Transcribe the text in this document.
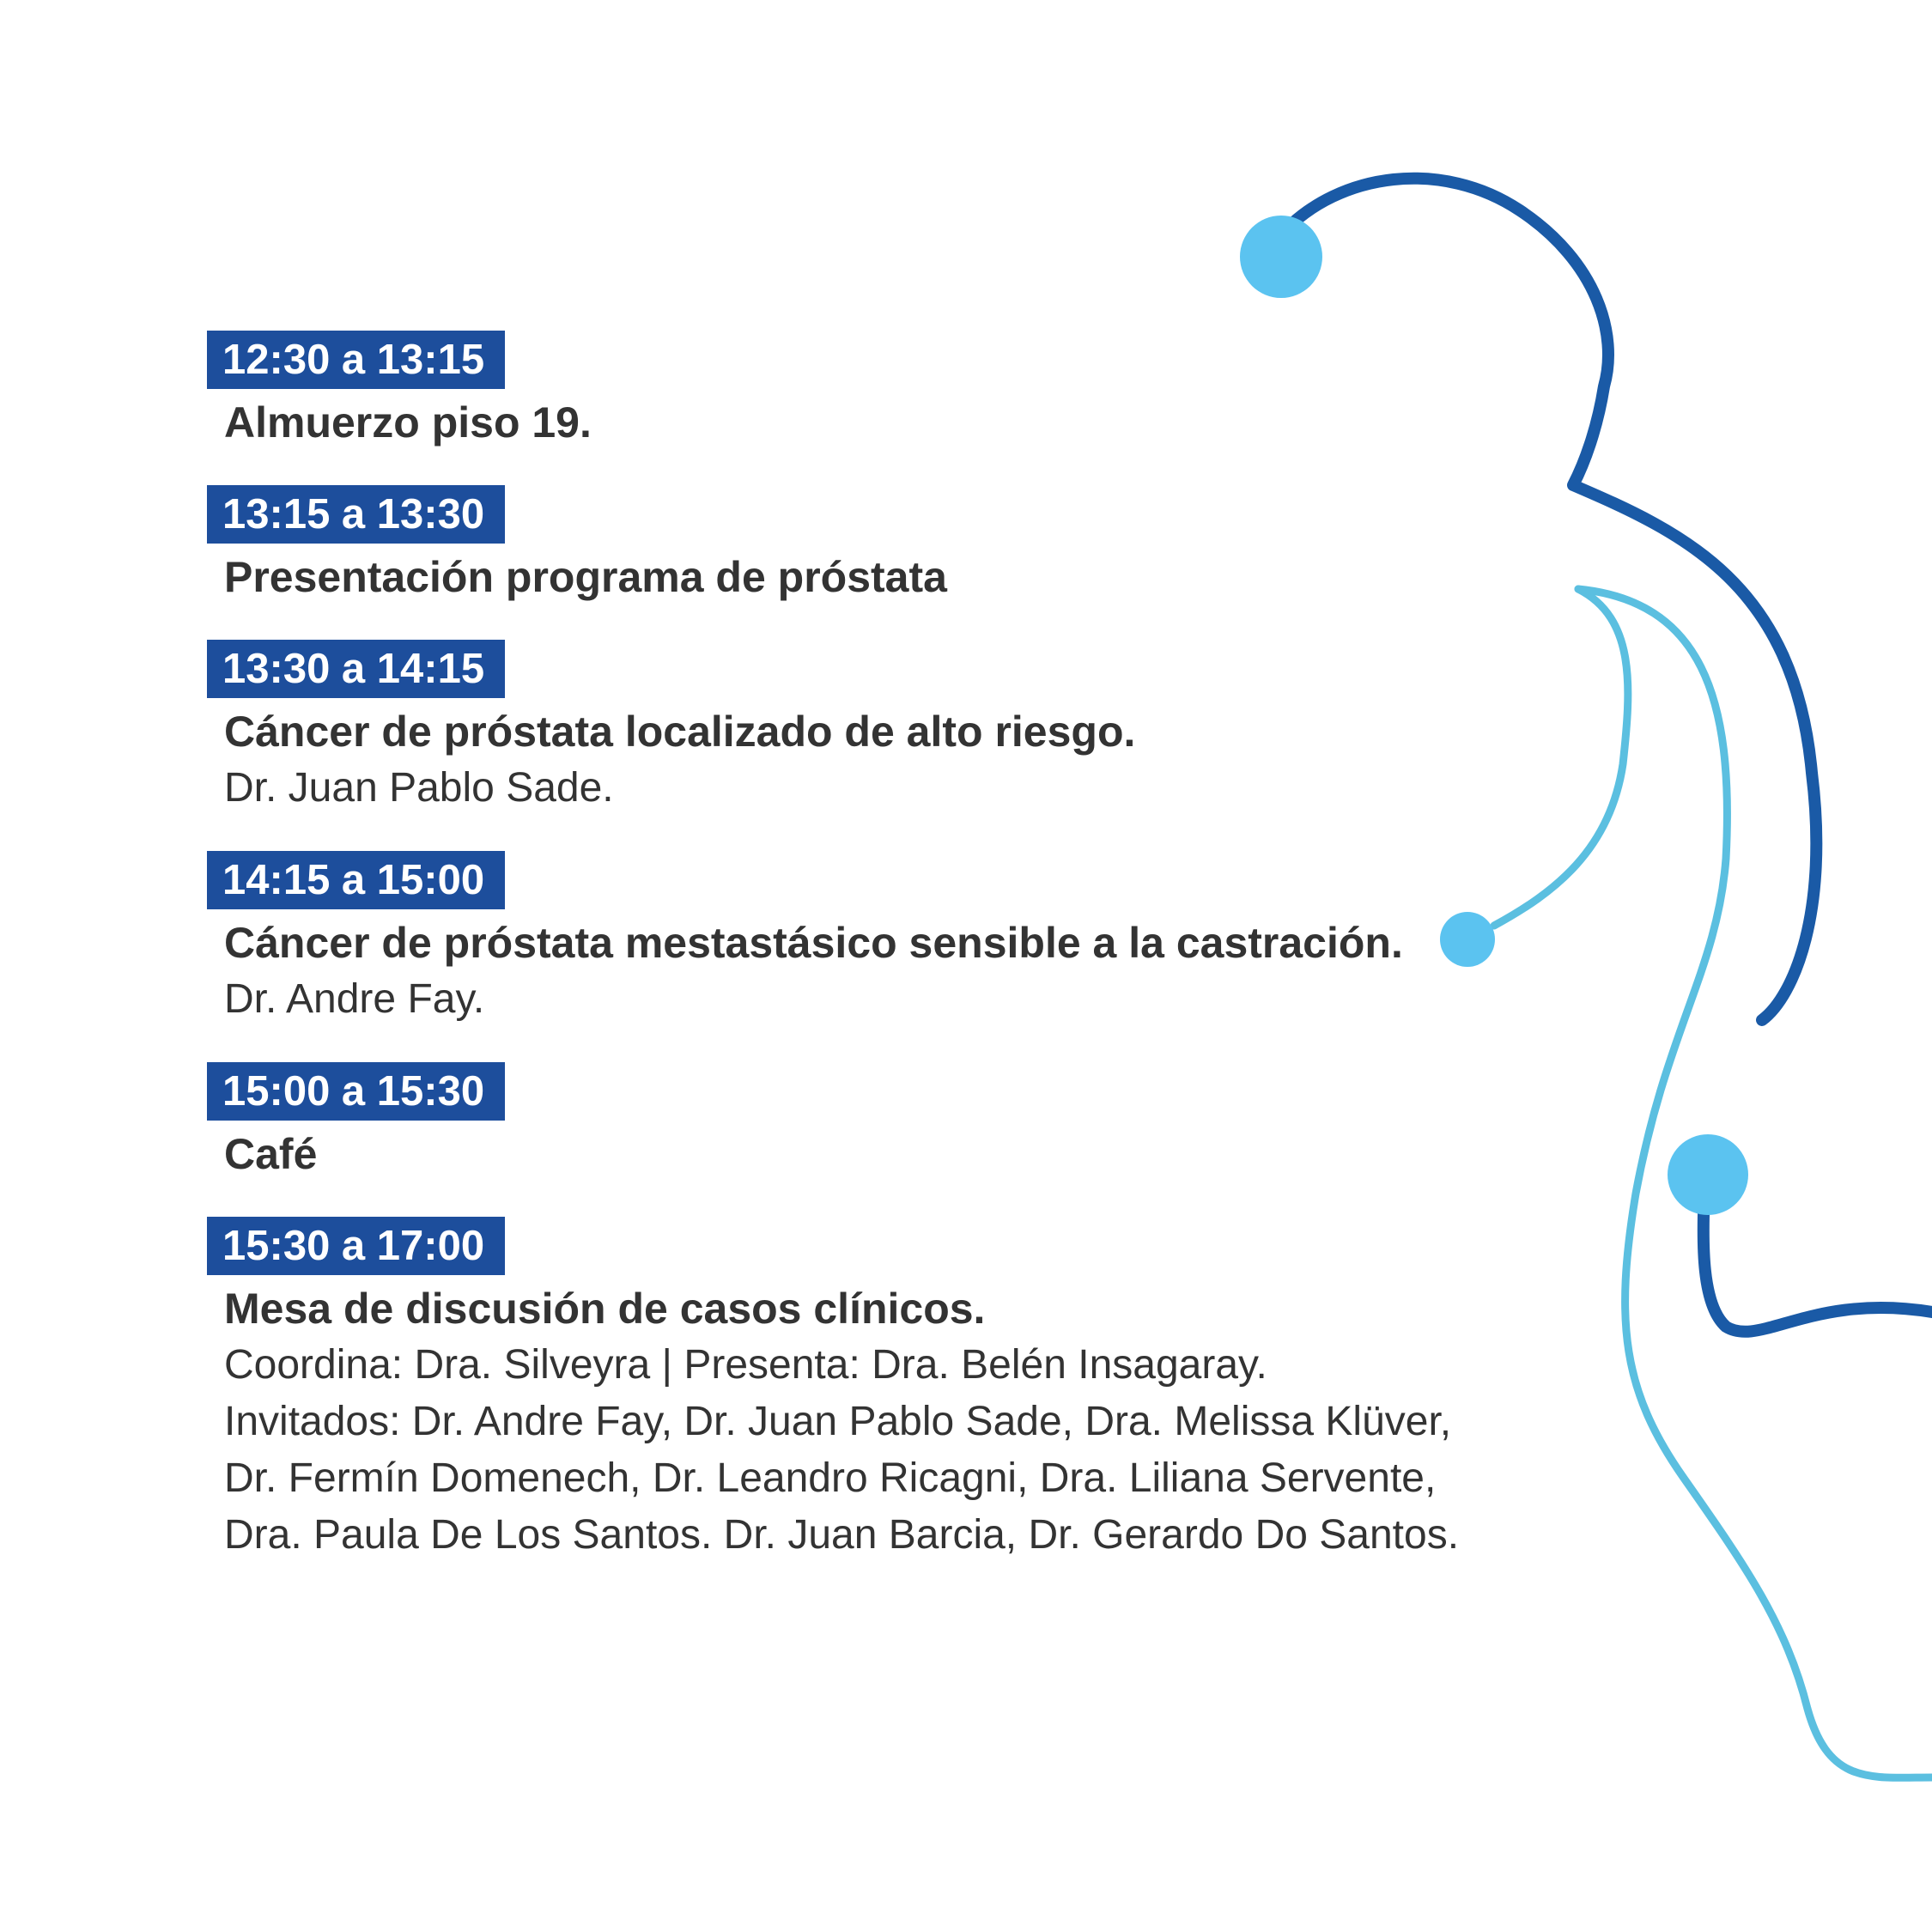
12:30 a 13:15
Almuerzo piso 19.
13:15 a 13:30
Presentación programa de próstata
13:30 a 14:15
Cáncer de próstata localizado de alto riesgo.
Dr. Juan Pablo Sade.
14:15 a 15:00
Cáncer de próstata mestastásico sensible a la castración.
Dr. Andre Fay.
15:00 a 15:30
Café
15:30 a 17:00
Mesa de discusión de casos clínicos.
Coordina: Dra. Silveyra | Presenta: Dra. Belén Insagaray.
Invitados: Dr. Andre Fay, Dr. Juan Pablo Sade, Dra. Melissa Klüver,
Dr. Fermín Domenech, Dr. Leandro Ricagni, Dra. Liliana Servente,
Dra. Paula De Los Santos. Dr. Juan Barcia, Dr. Gerardo Do Santos.
